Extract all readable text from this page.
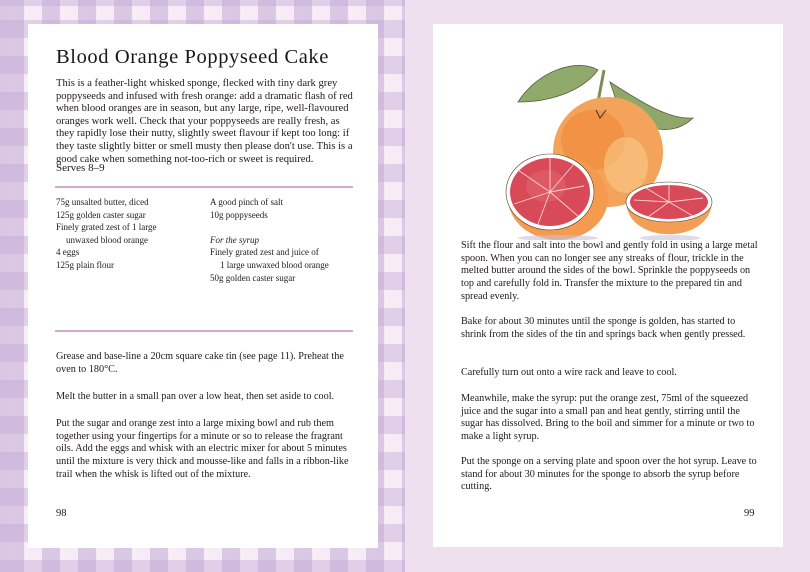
Blood Orange Poppyseed Cake

This is a feather-light whisked sponge, flecked with tiny dark grey poppyseeds and infused with fresh orange: add a dramatic flash of red when blood oranges are in season, but any large, ripe, well-flavoured oranges work well. Check that your poppyseeds are really fresh, as they rapidly lose their nutty, slightly sweet flavour if kept too long: if they taste slightly bitter or smell musty then please don't use. This is a good cake when something not-too-rich or sweet is required.

Serves 8–9

75g unsalted butter, diced
125g golden caster sugar
Finely grated zest of 1 large
unwaxed blood orange
4 eggs
125g plain flour
A good pinch of salt
10g poppyseeds
For the syrup
Finely grated zest and juice of
1 large unwaxed blood orange
50g golden caster sugar

Grease and base-line a 20cm square cake tin (see page 11). Preheat the oven to 180°C.

Melt the butter in a small pan over a low heat, then set aside to cool.

Put the sugar and orange zest into a large mixing bowl and rub them together using your fingertips for a minute or so to release the fragrant oils. Add the eggs and whisk with an electric mixer for about 5 minutes until the mixture is very thick and mousse-like and falls in a ribbon-like trail when the whisk is lifted out of the mixture.

98

Sift the flour and salt into the bowl and gently fold in using a large metal spoon. When you can no longer see any streaks of flour, trickle in the melted butter around the sides of the bowl. Sprinkle the poppyseeds on top and carefully fold in. Transfer the mixture to the prepared tin and spread evenly.

Bake for about 30 minutes until the sponge is golden, has started to shrink from the sides of the tin and springs back when gently pressed.

Carefully turn out onto a wire rack and leave to cool.

Meanwhile, make the syrup: put the orange zest, 75ml of the squeezed juice and the sugar into a small pan and heat gently, stirring until the sugar has dissolved. Bring to the boil and simmer for a minute or two to make a light syrup.

Put the sponge on a serving plate and spoon over the hot syrup. Leave to stand for about 30 minutes for the sponge to absorb the syrup before cutting.

99
